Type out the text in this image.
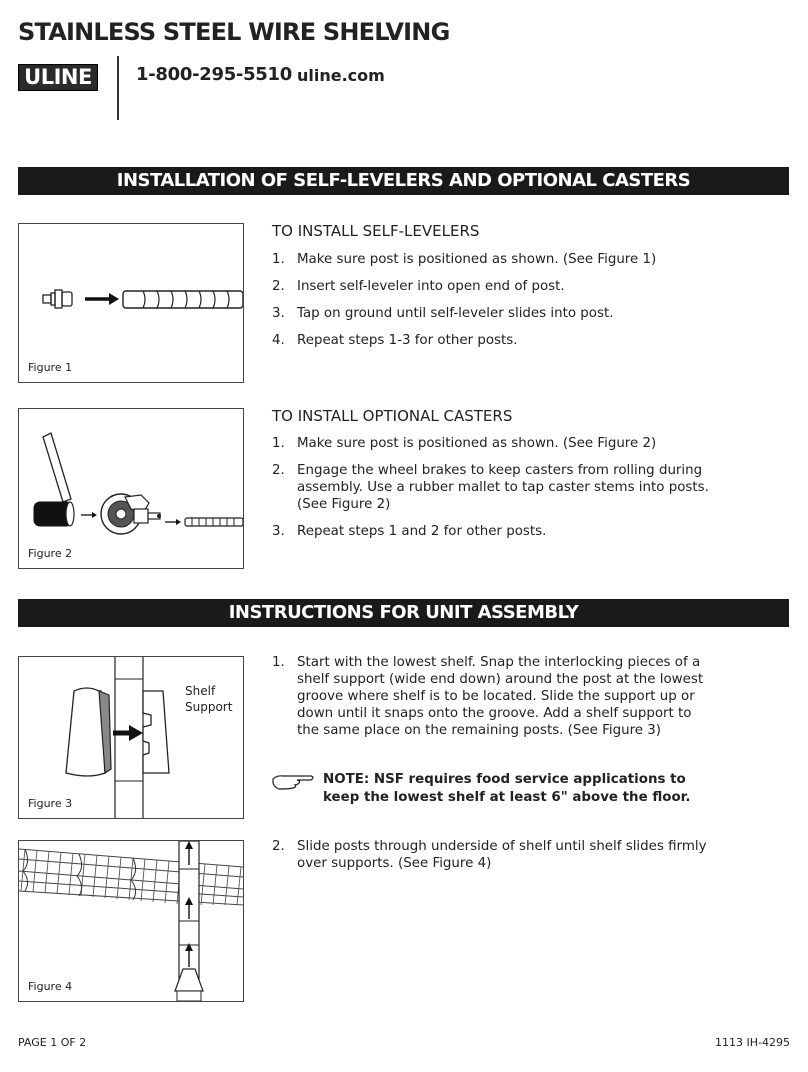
STAINLESS STEEL WIRE SHELVING
ULINE	1-800-295-5510 uline.com
INSTALLATION OF SELF-LEVELERS AND OPTIONAL CASTERS
Figure 1
TO INSTALL SELF-LEVELERS
1. Make sure post is positioned as shown. (See Figure 1)
2. Insert self-leveler into open end of post.
3. Tap on ground until self-leveler slides into post.
4. Repeat steps 1-3 for other posts.
Figure 2
TO INSTALL OPTIONAL CASTERS
1. Make sure post is positioned as shown. (See Figure 2)
2. Engage the wheel brakes to keep casters from rolling during assembly. Use a rubber mallet to tap caster stems into posts. (See Figure 2)
3. Repeat steps 1 and 2 for other posts.
INSTRUCTIONS FOR UNIT ASSEMBLY
Shelf
Support
Figure 3
1. Start with the lowest shelf. Snap the interlocking pieces of a shelf support (wide end down) around the post at the lowest groove where shelf is to be located. Slide the support up or down until it snaps onto the groove. Add a shelf support to the same place on the remaining posts. (See Figure 3)
NOTE: NSF requires food service applications to keep the lowest shelf at least 6" above the floor.
Figure 4
2. Slide posts through underside of shelf until shelf slides firmly over supports. (See Figure 4)
PAGE 1 OF 2	1113 IH-4295
